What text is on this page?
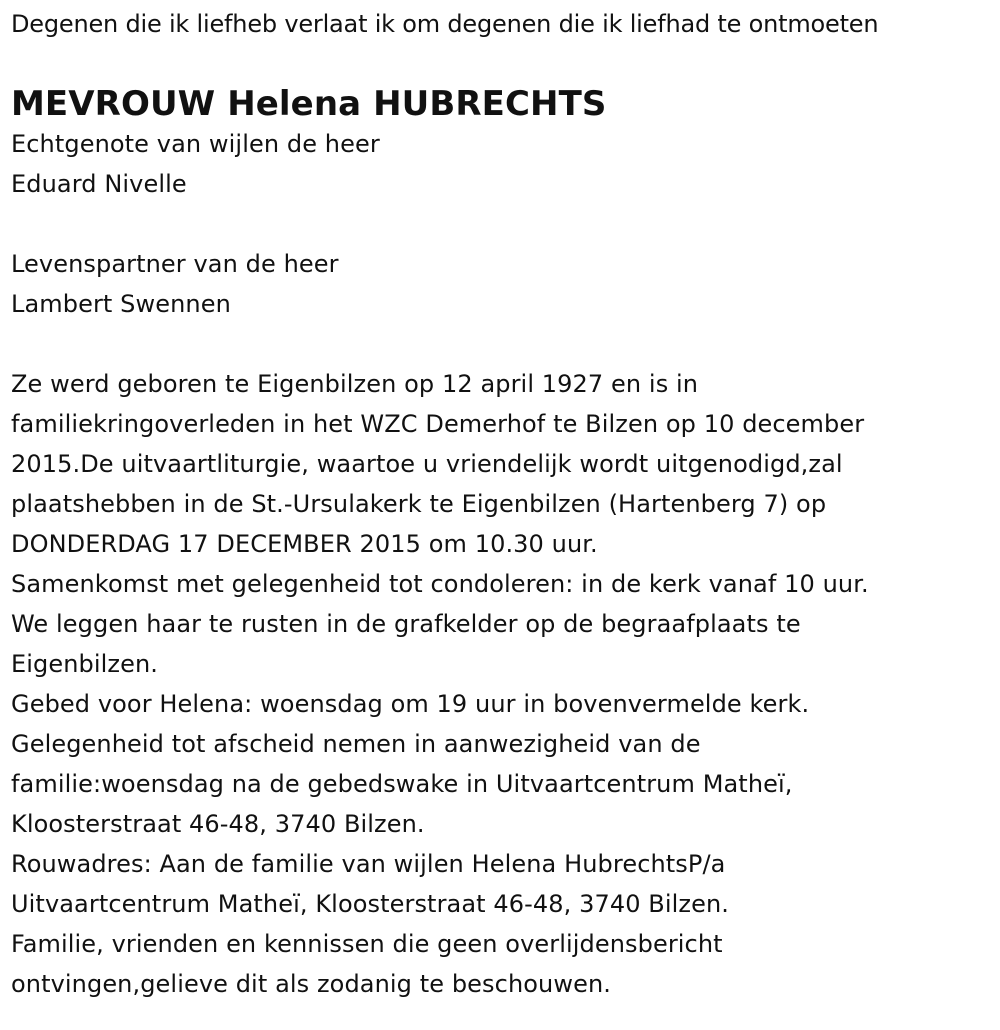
Degenen die ik liefheb verlaat ik om degenen die ik liefhad te ontmoeten
MEVROUW Helena HUBRECHTS
Echtgenote van wijlen de heer
Eduard Nivelle
Levenspartner van de heer
Lambert Swennen
Ze werd geboren te Eigenbilzen op 12 april 1927 en is in
familiekringoverleden in het WZC Demerhof te Bilzen op 10 december
2015.De uitvaartliturgie, waartoe u vriendelijk wordt uitgenodigd,zal
plaatshebben in de St.-Ursulakerk te Eigenbilzen (Hartenberg 7) op
DONDERDAG 17 DECEMBER 2015 om 10.30 uur.
Samenkomst met gelegenheid tot condoleren: in de kerk vanaf 10 uur.
We leggen haar te rusten in de grafkelder op de begraafplaats te
Eigenbilzen.
Gebed voor Helena: woensdag om 19 uur in bovenvermelde kerk.
Gelegenheid tot afscheid nemen in aanwezigheid van de
familie:woensdag na de gebedswake in Uitvaartcentrum Matheï,
Kloosterstraat 46-48, 3740 Bilzen.
Rouwadres: Aan de familie van wijlen Helena HubrechtsP/a
Uitvaartcentrum Matheï, Kloosterstraat 46-48, 3740 Bilzen.
Familie, vrienden en kennissen die geen overlijdensbericht
ontvingen,gelieve dit als zodanig te beschouwen.
